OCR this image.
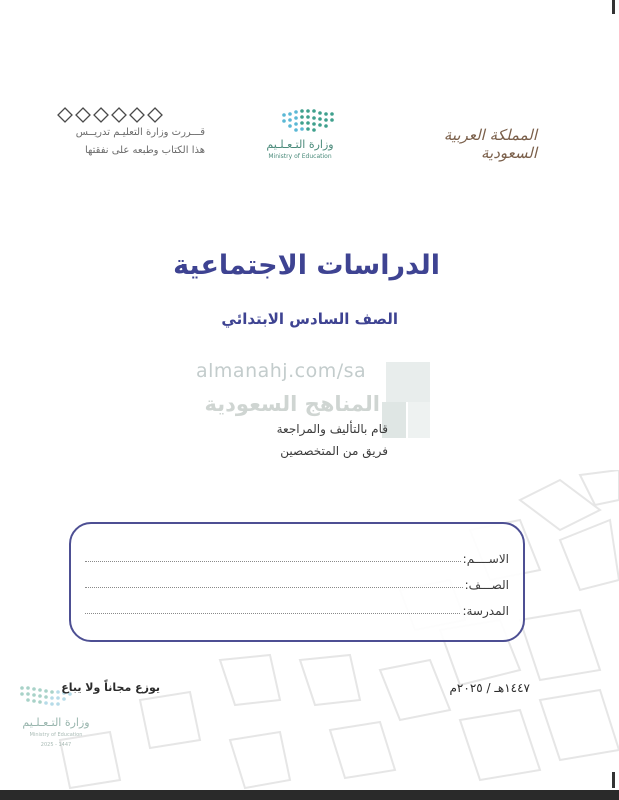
قـــررت وزارة التعليـم تدريــس
هذا الكتاب وطبعه على نفقتها	وزارة التـعـلـيم
Ministry of Education
المملكة العربية السعودية
الدراسات الاجتماعية
الصف السادس الابتدائي
almanahj.com/sa
المناهج السعودية
قام بالتأليف والمراجعة
فريق من المتخصصين
الاســــم:
الصـــف:
المدرسة:
وزارة التـعـلـيم
Ministry of Education
2025 - 1447
يوزع مجاناً ولا يباع	١٤٤٧هـ / ٢٠٢٥م
